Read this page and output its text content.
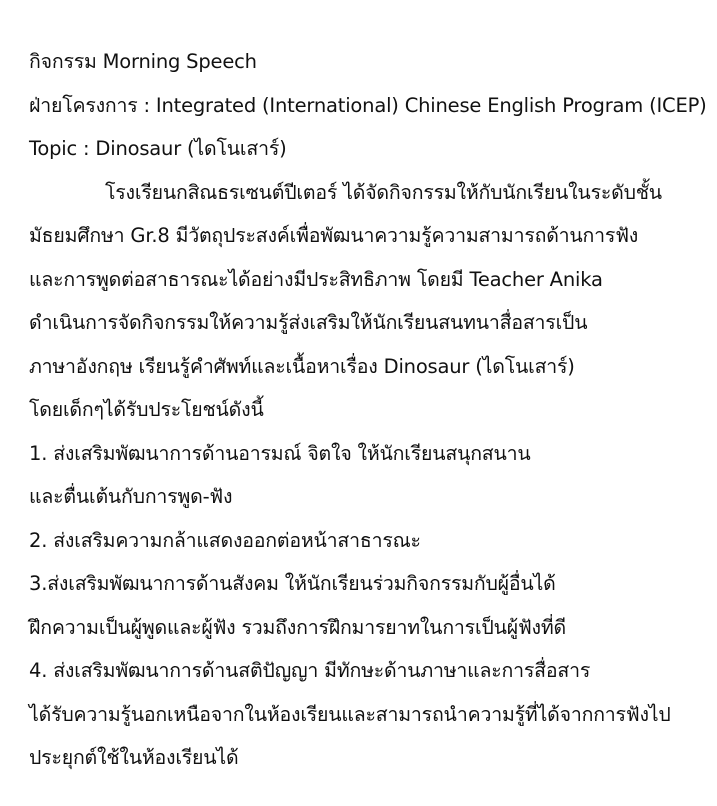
กิจกรรม Morning Speech
ฝ่ายโครงการ : Integrated (International) Chinese English Program (ICEP)
Topic : Dinosaur (ไดโนเสาร์)
โรงเรียนกสิณธรเซนต์ปีเตอร์ ได้จัดกิจกรรมให้กับนักเรียนในระดับชั้น
มัธยมศึกษา Gr.8 มีวัตถุประสงค์เพื่อพัฒนาความรู้ความสามารถด้านการฟัง
และการพูดต่อสาธารณะได้อย่างมีประสิทธิภาพ โดยมี Teacher Anika
ดำเนินการจัดกิจกรรมให้ความรู้ส่งเสริมให้นักเรียนสนทนาสื่อสารเป็น
ภาษาอังกฤษ เรียนรู้คำศัพท์และเนื้อหาเรื่อง Dinosaur (ไดโนเสาร์)
โดยเด็กๆได้รับประโยชน์ดังนี้
1. ส่งเสริมพัฒนาการด้านอารมณ์ จิตใจ ให้นักเรียนสนุกสนาน
และตื่นเต้นกับการพูด-ฟัง
2. ส่งเสริมความกล้าแสดงออกต่อหน้าสาธารณะ
3.ส่งเสริมพัฒนาการด้านสังคม ให้นักเรียนร่วมกิจกรรมกับผู้อื่นได้
ฝึกความเป็นผู้พูดและผู้ฟัง รวมถึงการฝึกมารยาทในการเป็นผู้ฟังที่ดี
4. ส่งเสริมพัฒนาการด้านสติปัญญา มีทักษะด้านภาษาและการสื่อสาร
ได้รับความรู้นอกเหนือจากในห้องเรียนและสามารถนำความรู้ที่ได้จากการฟังไป
ประยุกต์ใช้ในห้องเรียนได้
